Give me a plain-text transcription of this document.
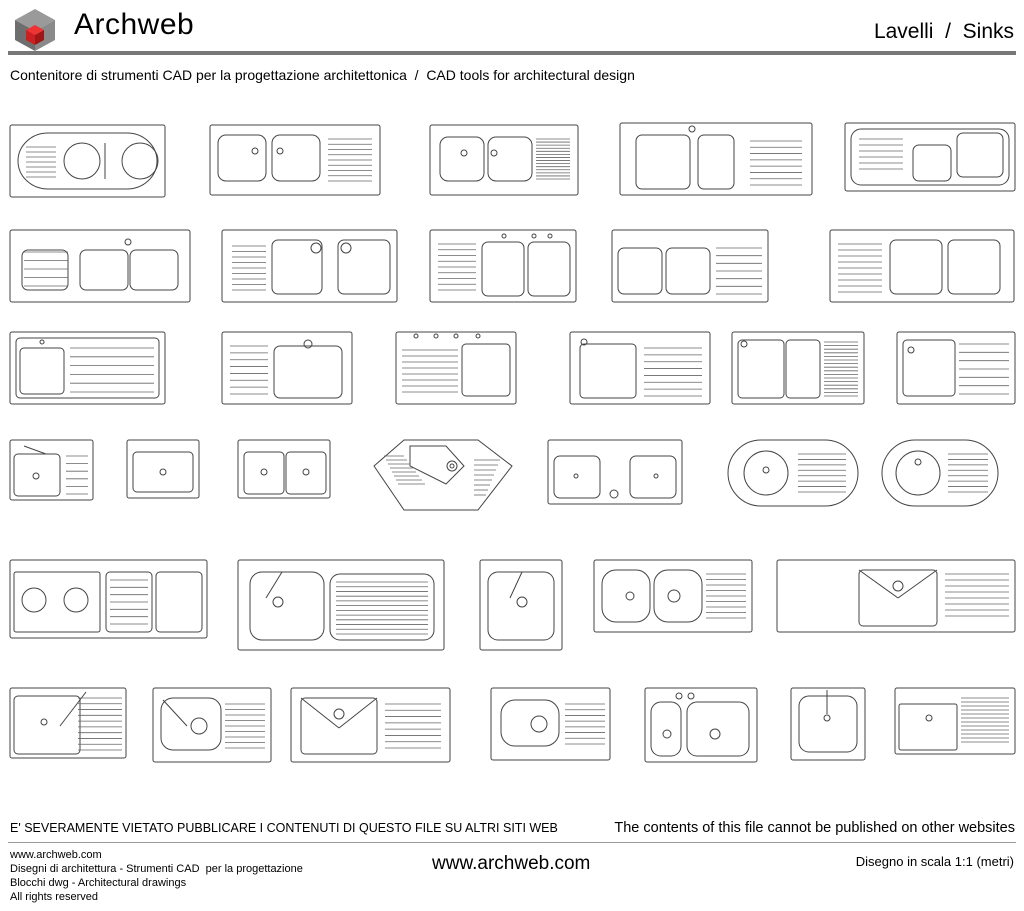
Archweb	Lavelli  /  Sinks
Contenitore di strumenti CAD per la progettazione architettonica  /  CAD tools for architectural design
E' SEVERAMENTE VIETATO PUBBLICARE I CONTENUTI DI QUESTO FILE SU ALTRI SITI WEB	The contents of this file cannot be published on other websites
www.archweb.com
Disegni di architettura - Strumenti CAD  per la progettazione
Blocchi dwg - Architectural drawings
All rights reserved
www.archweb.com	Disegno in scala 1:1 (metri)
